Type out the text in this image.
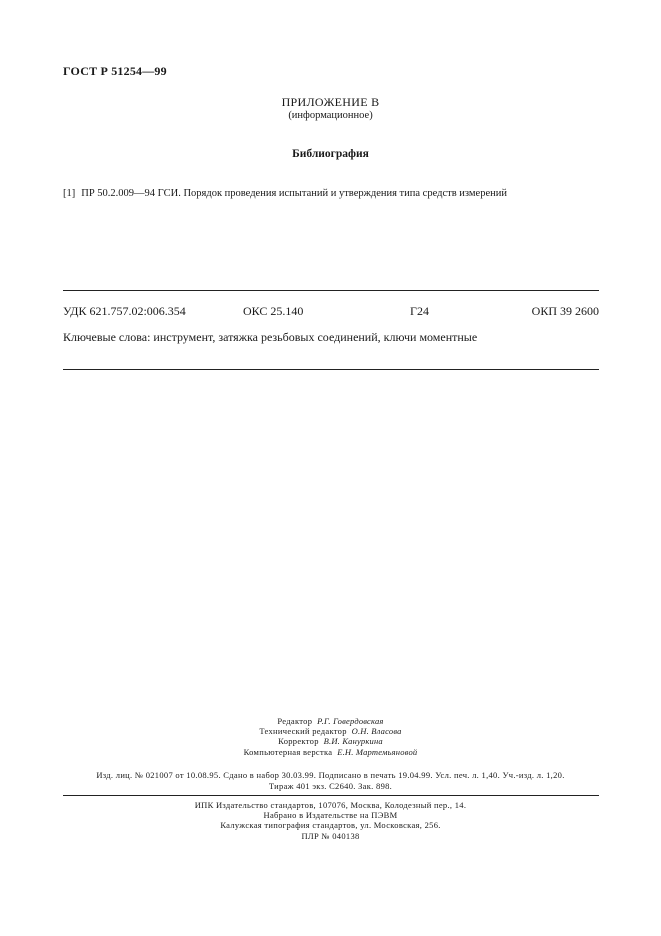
ГОСТ Р 51254—99
ПРИЛОЖЕНИЕ В
(информационное)
Библиография
[1] ПР 50.2.009—94 ГСИ. Порядок проведения испытаний и утверждения типа средств измерений
УДК 621.757.02:006.354	ОКС 25.140	Г24	ОКП 39 2600
Ключевые слова: инструмент, затяжка резьбовых соединений, ключи моментные
Редактор Р.Г. Говердовская
Технический редактор О.Н. Власова
Корректор В.И. Кануркина
Компьютерная верстка Е.Н. Мартемьяновой
Изд. лиц. № 021007 от 10.08.95. Сдано в набор 30.03.99. Подписано в печать 19.04.99. Усл. печ. л. 1,40. Уч.-изд. л. 1,20.
Тираж 401 экз. С2640. Зак. 898.
ИПК Издательство стандартов, 107076, Москва, Колодезный пер., 14.
Набрано в Издательстве на ПЭВМ
Калужская типография стандартов, ул. Московская, 256.
ПЛР № 040138
